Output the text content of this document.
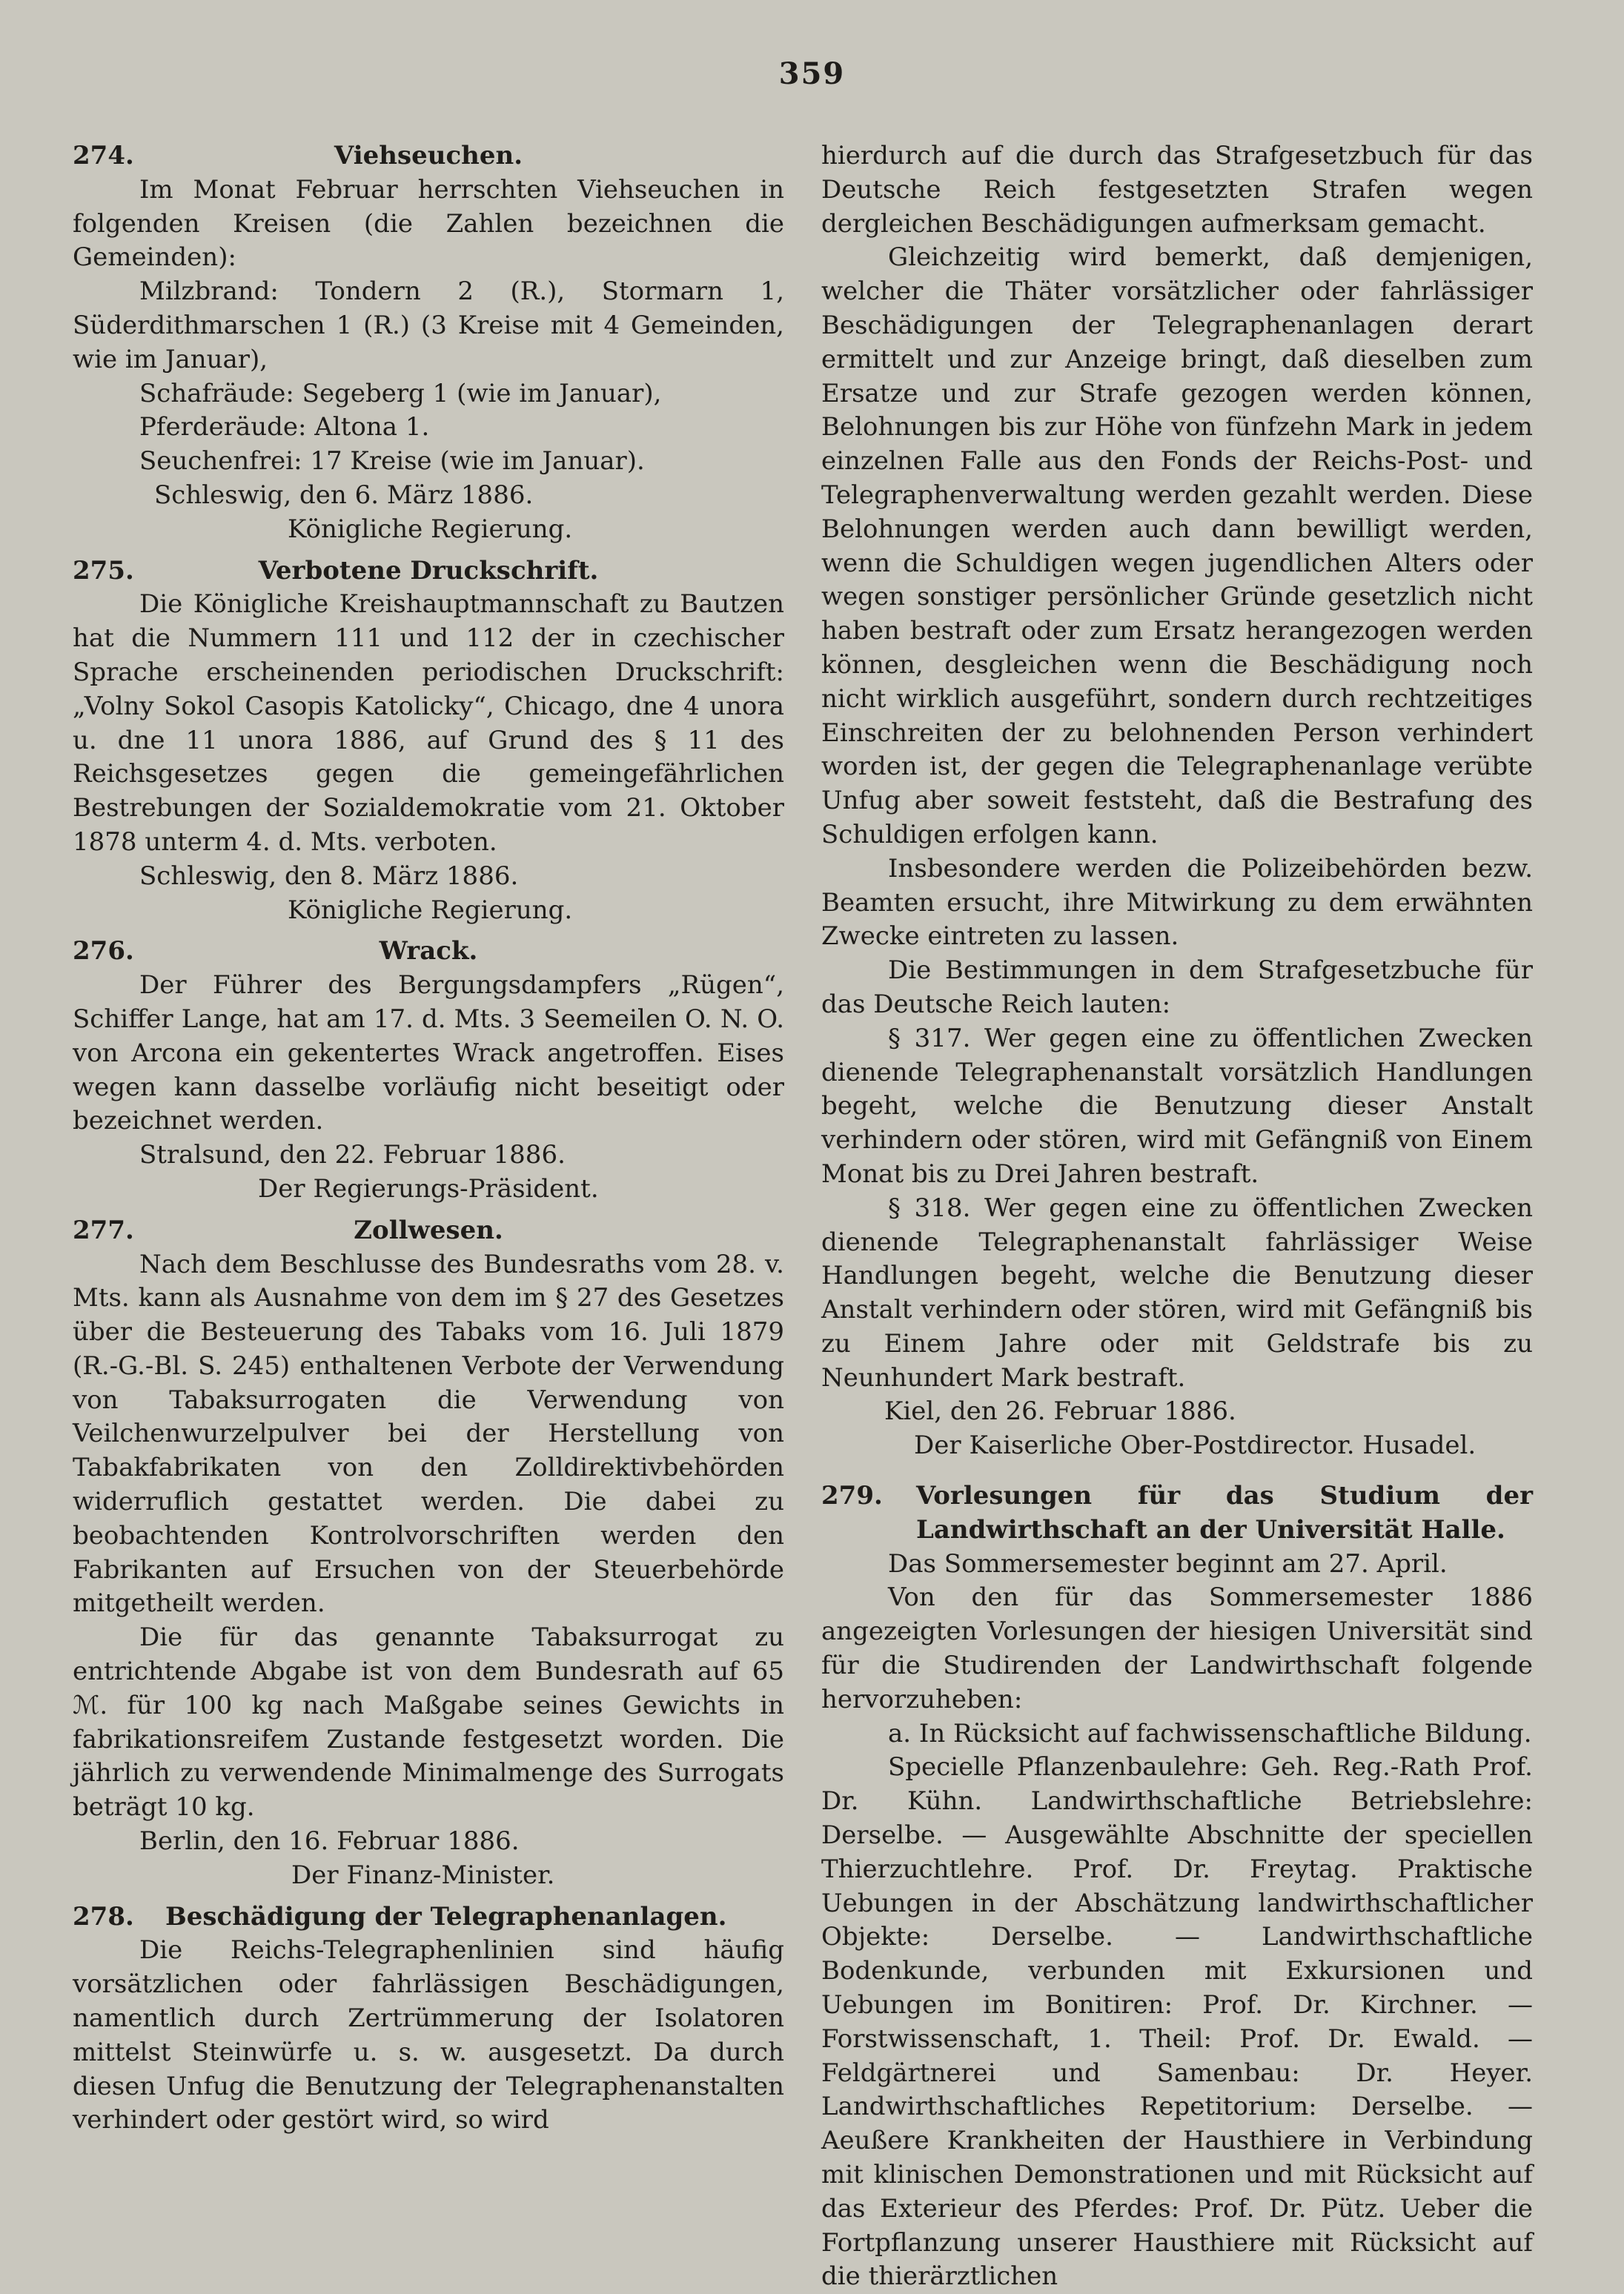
359
274.	Viehseuchen.

Im Monat Februar herrschten Viehseuchen in folgenden Kreisen (die Zahlen bezeichnen die Gemeinden):

Milzbrand: Tondern 2 (R.), Stormarn 1, Süderdithmarschen 1 (R.) (3 Kreise mit 4 Gemeinden, wie im Januar),

Schafräude: Segeberg 1 (wie im Januar),

Pferderäude: Altona 1.

Seuchenfrei: 17 Kreise (wie im Januar).

Schleswig, den 6. März 1886.

Königliche Regierung.

275.	Verbotene Druckschrift.

Die Königliche Kreishauptmannschaft zu Bautzen hat die Nummern 111 und 112 der in czechischer Sprache erscheinenden periodischen Druckschrift: „Volny Sokol Casopis Katolicky“, Chicago, dne 4 unora u. dne 11 unora 1886, auf Grund des § 11 des Reichsgesetzes gegen die gemeingefährlichen Bestrebungen der Sozialdemokratie vom 21. Oktober 1878 unterm 4. d. Mts. verboten.

Schleswig, den 8. März 1886.

Königliche Regierung.

276.	Wrack.

Der Führer des Bergungsdampfers „Rügen“, Schiffer Lange, hat am 17. d. Mts. 3 Seemeilen O. N. O. von Arcona ein gekentertes Wrack angetroffen. Eises wegen kann dasselbe vorläufig nicht beseitigt oder bezeichnet werden.

Stralsund, den 22. Februar 1886.

Der Regierungs-Präsident.

277.	Zollwesen.

Nach dem Beschlusse des Bundesraths vom 28. v. Mts. kann als Ausnahme von dem im § 27 des Gesetzes über die Besteuerung des Tabaks vom 16. Juli 1879 (R.-G.-Bl. S. 245) enthaltenen Verbote der Verwendung von Tabaksurrogaten die Verwendung von Veilchenwurzelpulver bei der Herstellung von Tabakfabrikaten von den Zolldirektivbehörden widerruflich gestattet werden. Die dabei zu beobachtenden Kontrolvorschriften werden den Fabrikanten auf Ersuchen von der Steuerbehörde mitgetheilt werden.

Die für das genannte Tabaksurrogat zu entrichtende Abgabe ist von dem Bundesrath auf 65 ℳ. für 100 kg nach Maßgabe seines Gewichts in fabrikationsreifem Zustande festgesetzt worden. Die jährlich zu verwendende Minimalmenge des Surrogats beträgt 10 kg.

Berlin, den 16. Februar 1886.

Der Finanz-Minister.

278. Beschädigung der Telegraphenanlagen.

Die Reichs-Telegraphenlinien sind häufig vorsätzlichen oder fahrlässigen Beschädigungen, namentlich durch Zertrümmerung der Isolatoren mittelst Steinwürfe u. s. w. ausgesetzt. Da durch diesen Unfug die Benutzung der Telegraphenanstalten verhindert oder gestört wird, so wird

hierdurch auf die durch das Strafgesetzbuch für das Deutsche Reich festgesetzten Strafen wegen dergleichen Beschädigungen aufmerksam gemacht.

Gleichzeitig wird bemerkt, daß demjenigen, welcher die Thäter vorsätzlicher oder fahrlässiger Beschädigungen der Telegraphenanlagen derart ermittelt und zur Anzeige bringt, daß dieselben zum Ersatze und zur Strafe gezogen werden können, Belohnungen bis zur Höhe von fünfzehn Mark in jedem einzelnen Falle aus den Fonds der Reichs-Post- und Telegraphenverwaltung werden gezahlt werden. Diese Belohnungen werden auch dann bewilligt werden, wenn die Schuldigen wegen jugendlichen Alters oder wegen sonstiger persönlicher Gründe gesetzlich nicht haben bestraft oder zum Ersatz herangezogen werden können, desgleichen wenn die Beschädigung noch nicht wirklich ausgeführt, sondern durch rechtzeitiges Einschreiten der zu belohnenden Person verhindert worden ist, der gegen die Telegraphenanlage verübte Unfug aber soweit feststeht, daß die Bestrafung des Schuldigen erfolgen kann.

Insbesondere werden die Polizeibehörden bezw. Beamten ersucht, ihre Mitwirkung zu dem erwähnten Zwecke eintreten zu lassen.

Die Bestimmungen in dem Strafgesetzbuche für das Deutsche Reich lauten:

§ 317. Wer gegen eine zu öffentlichen Zwecken dienende Telegraphenanstalt vorsätzlich Handlungen begeht, welche die Benutzung dieser Anstalt verhindern oder stören, wird mit Gefängniß von Einem Monat bis zu Drei Jahren bestraft.

§ 318. Wer gegen eine zu öffentlichen Zwecken dienende Telegraphenanstalt fahrlässiger Weise Handlungen begeht, welche die Benutzung dieser Anstalt verhindern oder stören, wird mit Gefängniß bis zu Einem Jahre oder mit Geldstrafe bis zu Neunhundert Mark bestraft.

Kiel, den 26. Februar 1886.

Der Kaiserliche Ober-Postdirector. Husadel.

279. Vorlesungen für das Studium der Landwirthschaft an der Universität Halle.

Das Sommersemester beginnt am 27. April.

Von den für das Sommersemester 1886 angezeigten Vorlesungen der hiesigen Universität sind für die Studirenden der Landwirthschaft folgende hervorzuheben:

a. In Rücksicht auf fachwissenschaftliche Bildung.

Specielle Pflanzenbaulehre: Geh. Reg.-Rath Prof. Dr. Kühn. Landwirthschaftliche Betriebslehre: Derselbe. — Ausgewählte Abschnitte der speciellen Thierzuchtlehre. Prof. Dr. Freytag. Praktische Uebungen in der Abschätzung landwirthschaftlicher Objekte: Derselbe. — Landwirthschaftliche Bodenkunde, verbunden mit Exkursionen und Uebungen im Bonitiren: Prof. Dr. Kirchner. — Forstwissenschaft, 1. Theil: Prof. Dr. Ewald. — Feldgärtnerei und Samenbau: Dr. Heyer. Landwirthschaftliches Repetitorium: Derselbe. — Aeußere Krankheiten der Hausthiere in Verbindung mit klinischen Demonstrationen und mit Rücksicht auf das Exterieur des Pferdes: Prof. Dr. Pütz. Ueber die Fortpflanzung unserer Hausthiere mit Rücksicht auf die thierärztlichen
